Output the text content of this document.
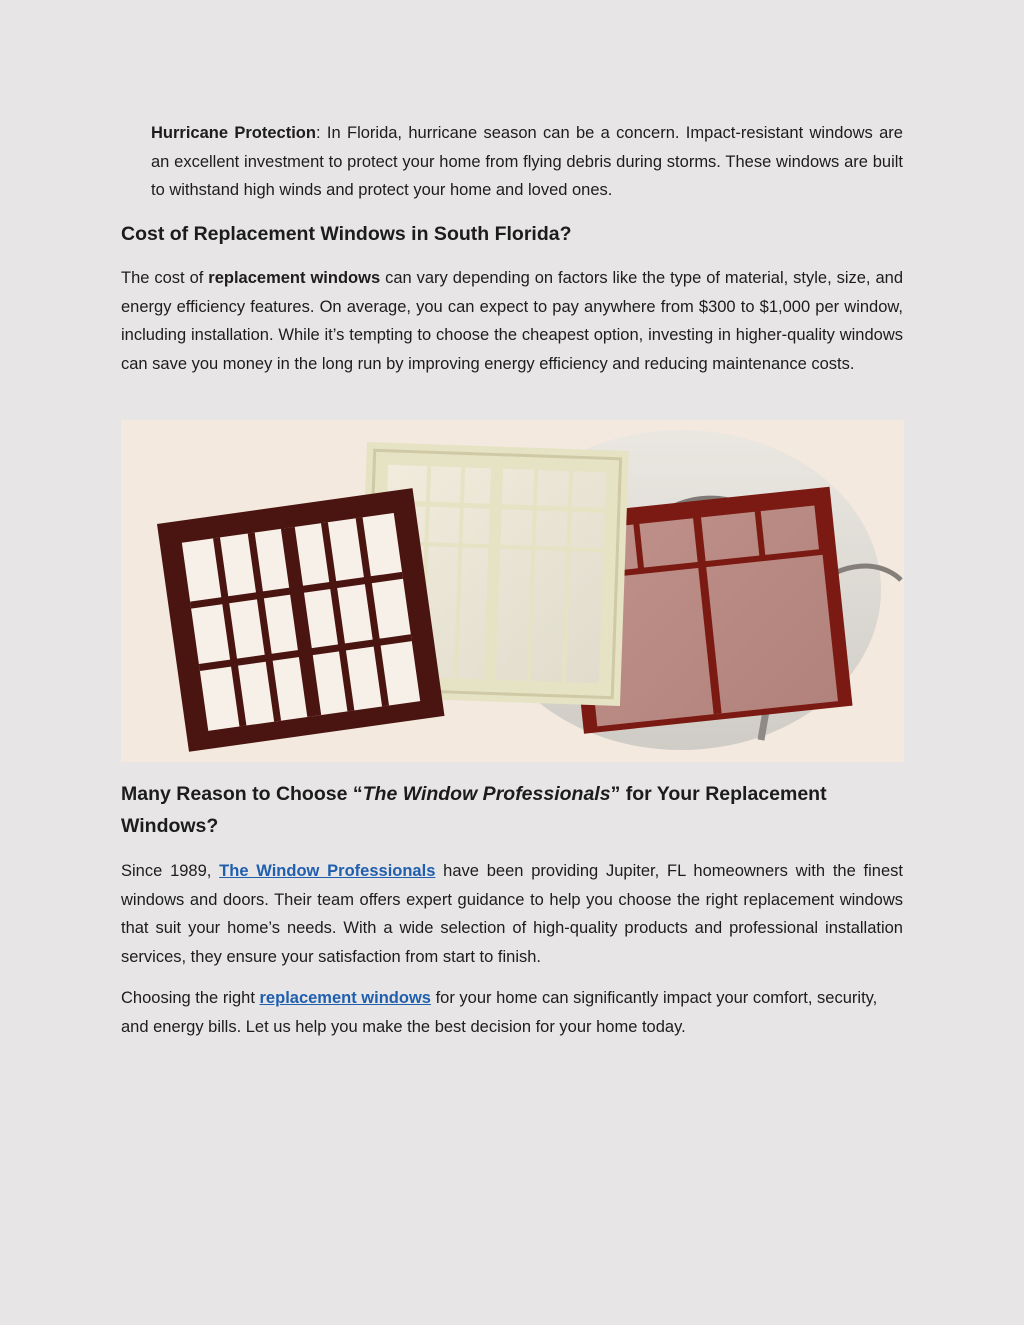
Hurricane Protection: In Florida, hurricane season can be a concern. Impact-resistant windows are an excellent investment to protect your home from flying debris during storms. These windows are built to withstand high winds and protect your home and loved ones.

Cost of Replacement Windows in South Florida?

The cost of replacement windows can vary depending on factors like the type of material, style, size, and energy efficiency features. On average, you can expect to pay anywhere from $300 to $1,000 per window, including installation. While it’s tempting to choose the cheapest option, investing in higher-quality windows can save you money in the long run by improving energy efficiency and reducing maintenance costs.

Many Reason to Choose “The Window Professionals” for Your Replacement Windows?

Since 1989, The Window Professionals have been providing Jupiter, FL homeowners with the finest windows and doors. Their team offers expert guidance to help you choose the right replacement windows that suit your home’s needs. With a wide selection of high-quality products and professional installation services, they ensure your satisfaction from start to finish.

Choosing the right replacement windows for your home can significantly impact your comfort, security, and energy bills. Let us help you make the best decision for your home today.
